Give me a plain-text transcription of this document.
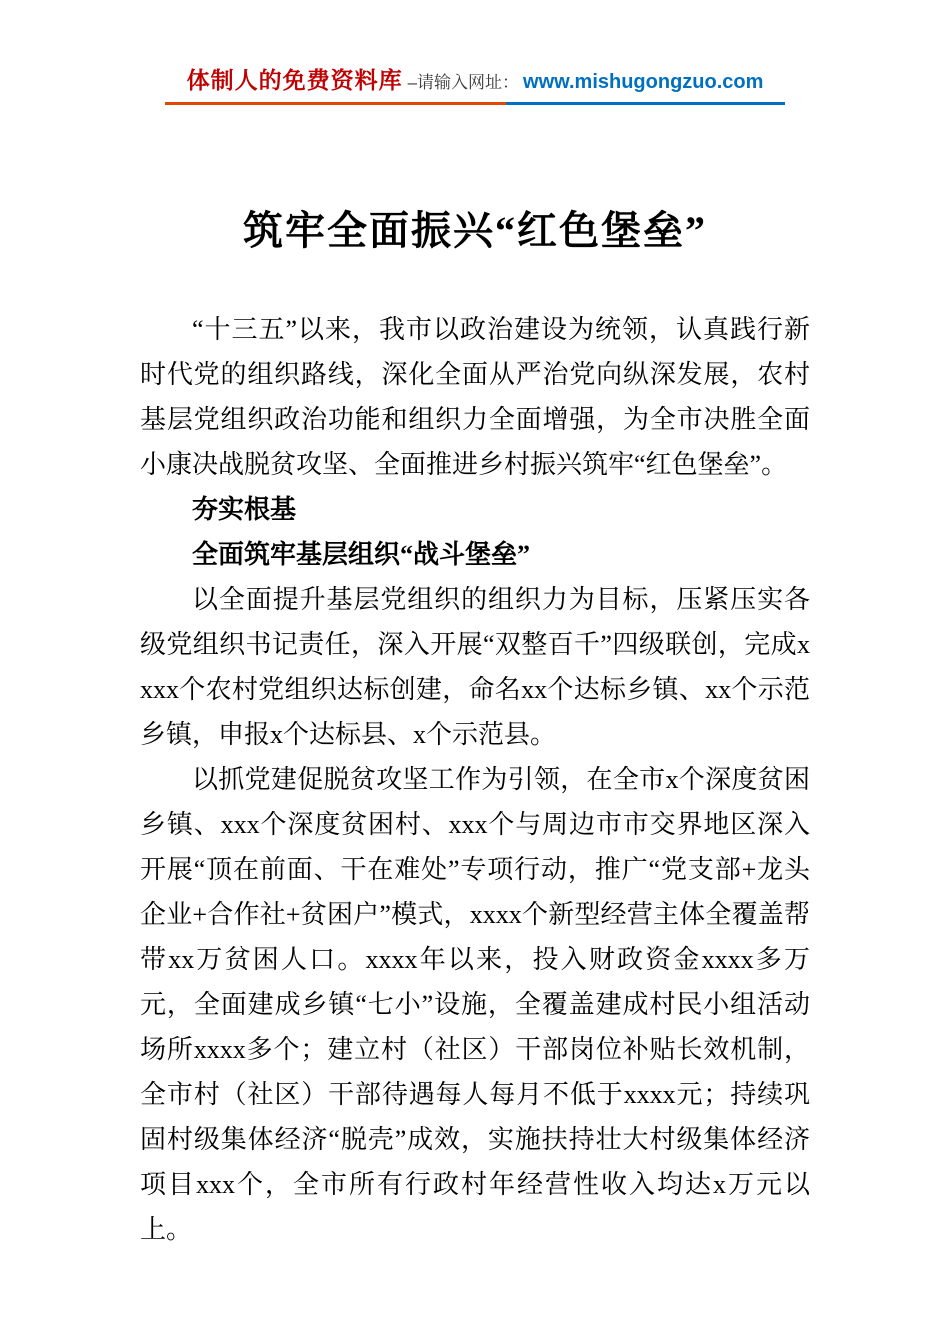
体制人的免费资料库 –请输入网址： www.mishugongzuo.com
筑牢全面振兴“红色堡垒”

“十三五”以来，我市以政治建设为统领，认真践行新时代党的组织路线，深化全面从严治党向纵深发展，农村基层党组织政治功能和组织力全面增强，为全市决胜全面小康决战脱贫攻坚、全面推进乡村振兴筑牢“红色堡垒”。

夯实根基

全面筑牢基层组织“战斗堡垒”

以全面提升基层党组织的组织力为目标，压紧压实各级党组织书记责任，深入开展“双整百千”四级联创，完成xxxx个农村党组织达标创建，命名xx个达标乡镇、xx个示范乡镇，申报x个达标县、x个示范县。

以抓党建促脱贫攻坚工作为引领，在全市x个深度贫困乡镇、xxx个深度贫困村、xxx个与周边市市交界地区深入开展“顶在前面、干在难处”专项行动，推广“党支部+龙头企业+合作社+贫困户”模式，xxxx个新型经营主体全覆盖帮带xx万贫困人口。xxxx年以来，投入财政资金xxxx多万元，全面建成乡镇“七小”设施，全覆盖建成村民小组活动场所xxxx多个；建立村（社区）干部岗位补贴长效机制，全市村（社区）干部待遇每人每月不低于xxxx元；持续巩固村级集体经济“脱壳”成效，实施扶持壮大村级集体经济项目xxx个，全市所有行政村年经营性收入均达x万元以上。
